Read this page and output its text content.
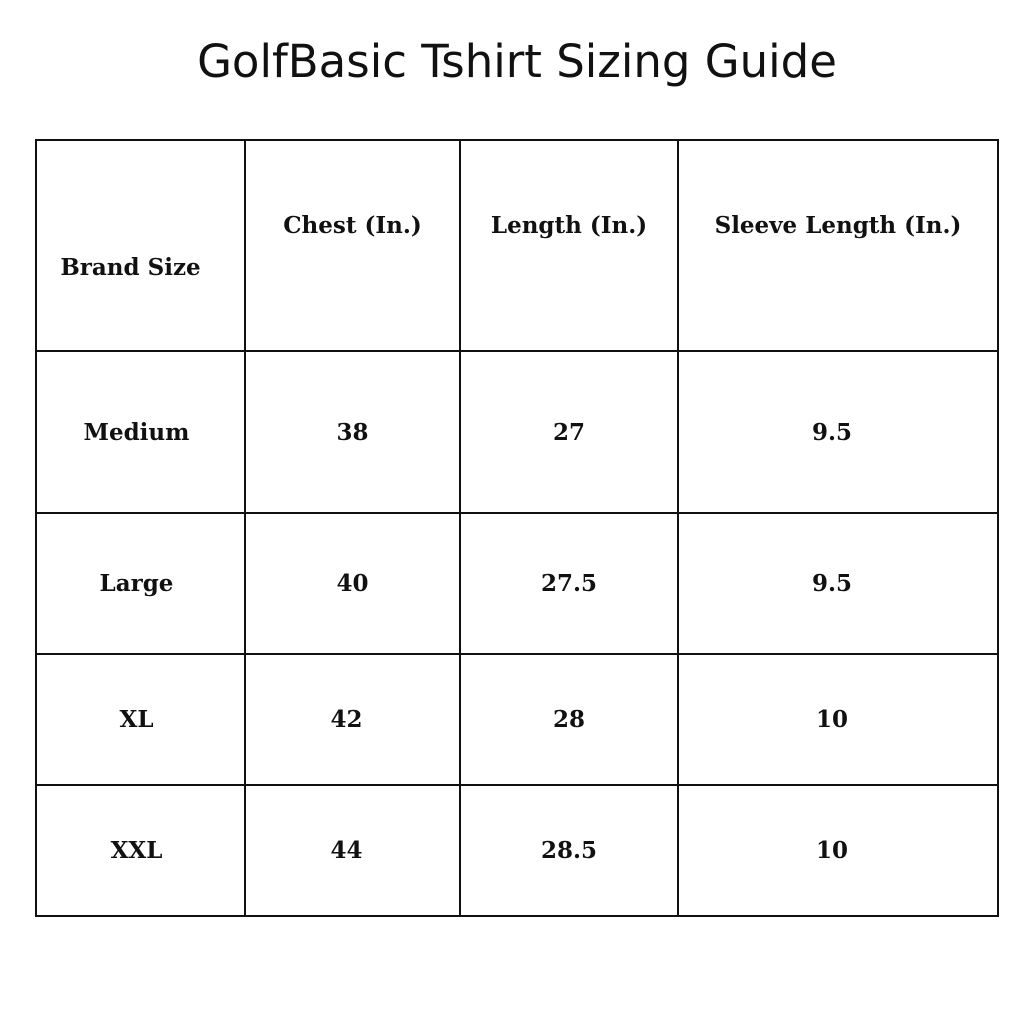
GolfBasic Tshirt Sizing Guide
Brand Size	Chest (In.)	Length (In.)	Sleeve Length (In.)
Medium	38	27	9.5
Large	40	27.5	9.5
XL	42	28	10
XXL	44	28.5	10
